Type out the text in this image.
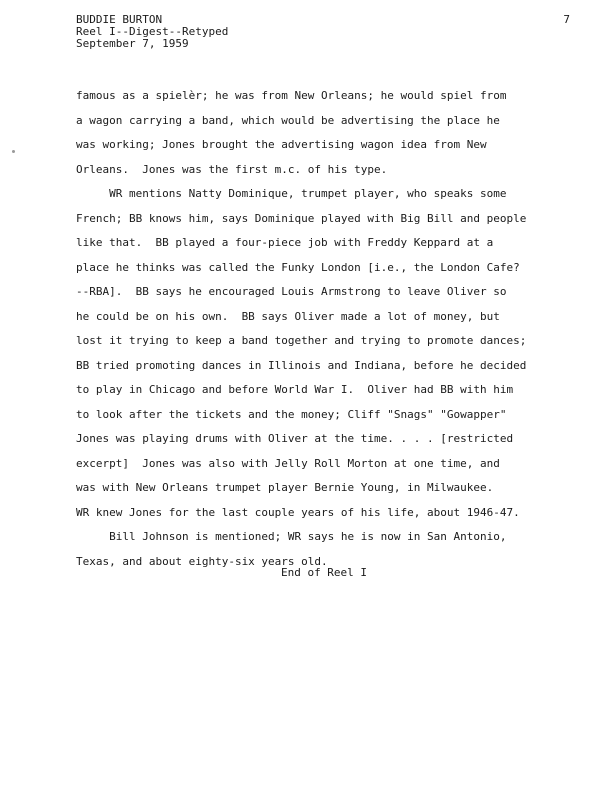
BUDDIE BURTON
Reel I--Digest--Retyped
September 7, 1959
7
famous as a spielèr; he was from New Orleans; he would spiel from
a wagon carrying a band, which would be advertising the place he
was working; Jones brought the advertising wagon idea from New
Orleans.  Jones was the first m.c. of his type.
WR mentions Natty Dominique, trumpet player, who speaks some
French; BB knows him, says Dominique played with Big Bill and people
like that.  BB played a four-piece job with Freddy Keppard at a
place he thinks was called the Funky London [i.e., the London Cafe?
--RBA].  BB says he encouraged Louis Armstrong to leave Oliver so
he could be on his own.  BB says Oliver made a lot of money, but
lost it trying to keep a band together and trying to promote dances;
BB tried promoting dances in Illinois and Indiana, before he decided
to play in Chicago and before World War I.  Oliver had BB with him
to look after the tickets and the money; Cliff "Snags" "Gowapper"
Jones was playing drums with Oliver at the time. . . . [restricted
excerpt]  Jones was also with Jelly Roll Morton at one time, and
was with New Orleans trumpet player Bernie Young, in Milwaukee.
WR knew Jones for the last couple years of his life, about 1946-47.
Bill Johnson is mentioned; WR says he is now in San Antonio,
Texas, and about eighty-six years old.
End of Reel I
